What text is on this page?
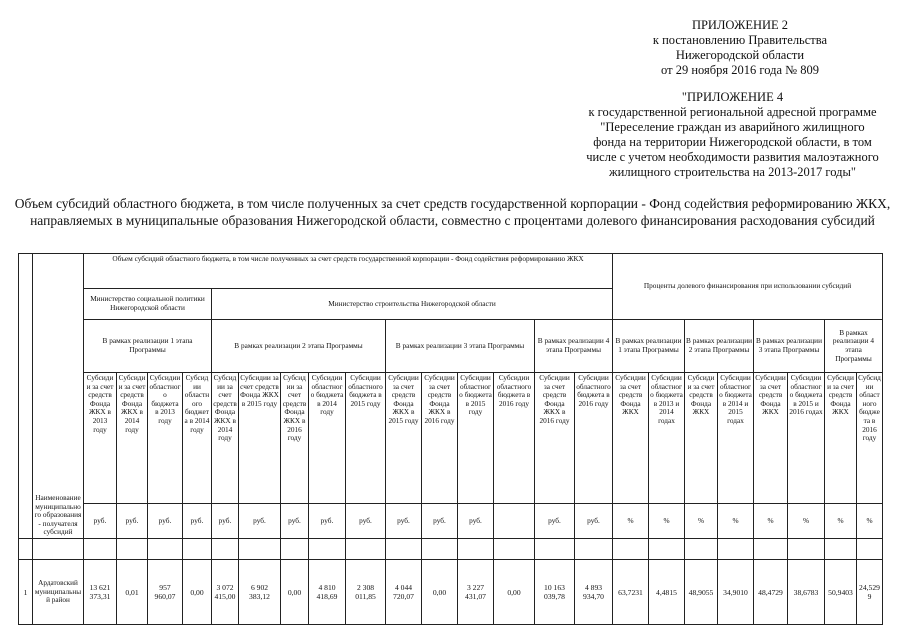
ПРИЛОЖЕНИЕ 2
к постановлению Правительства
Нижегородской области
от 29 ноября 2016 года № 809
"ПРИЛОЖЕНИЕ 4
к государственной региональной адресной программе
"Переселение граждан из аварийного жилищного
фонда на территории Нижегородской области, в том
числе с учетом необходимости развития малоэтажного
жилищного строительства на 2013-2017 годы"
Объем субсидий областного бюджета, в том числе полученных за счет средств государственной корпорации - Фонд содействия реформированию ЖКХ,
направляемых в муниципальные образования Нижегородской области, совместно с процентами долевого финансирования расходования субсидий
	Наименование муниципального образования - получателя субсидий	Объем субсидий областного бюджета, в том числе полученных за счет средств государственной корпорации - Фонд содействия реформированию ЖКХ															Проценты долевого финансирования при использовании субсидий							
		Министерство социальной политики Нижегородской области				Министерство строительства Нижегородской области																		
		В рамках реализации 1 этапа Программы				В рамках реализации 2 этапа Программы					В рамках реализации 3 этапа Программы				В рамках реализации 4 этапа Программы		В рамках реализации 1 этапа Программы		В рамках реализации 2 этапа Программы		В рамках реализации 3 этапа Программы		В рамках реализации 4 этапа Программы	
		Субсидии за счет средств Фонда ЖКХ в 2013 году	Субсидии за счет средств Фонда ЖКХ в 2014 году	Субсидии областного бюджета в 2013 году	Субсидии областного бюджета в 2014 году	Субсидии за счет средств Фонда ЖКХ в 2014 году	Субсидии за счет средств Фонда ЖКХ в 2015 году	Субсидии за счет средств Фонда ЖКХ в 2016 году	Субсидии областного бюджета в 2014 году	Субсидии областного бюджета в 2015 году	Субсидии за счет средств Фонда ЖКХ в 2015 году	Субсидии за счет средств Фонда ЖКХ в 2016 году	Субсидии областного бюджета в 2015 году	Субсидии областного бюджета в 2016 году	Субсидии за счет средств Фонда ЖКХ в 2016 году	Субсидии областного бюджета в 2016 году	Субсидии за счет средств Фонда ЖКХ	Субсидии областного бюджета в 2013 и 2014 годах	Субсидии за счет средств Фонда ЖКХ	Субсидии областного бюджета в 2014 и 2015 годах	Субсидии за счет средств Фонда ЖКХ	Субсидии областного бюджета в 2015 и 2016 годах	Субсидии за счет средств Фонда ЖКХ	Субсидии областного бюджета в 2016 году
		руб.	руб.	руб.	руб.	руб.	руб.	руб.	руб.	руб.	руб.	руб.	руб.		руб.	руб.	%	%	%	%	%	%	%	%

1	Ардатовский муниципальный район	13 621 373,31	0,01	957 960,07	0,00	3 072 415,00	6 902 383,12	0,00	4 810 418,69	2 308 011,85	4 044 720,07	0,00	3 227 431,07	0,00	10 163 039,78	4 893 934,70	63,7231	4,4815	48,9055	34,9010	48,4729	38,6783	50,9403	24,5299
